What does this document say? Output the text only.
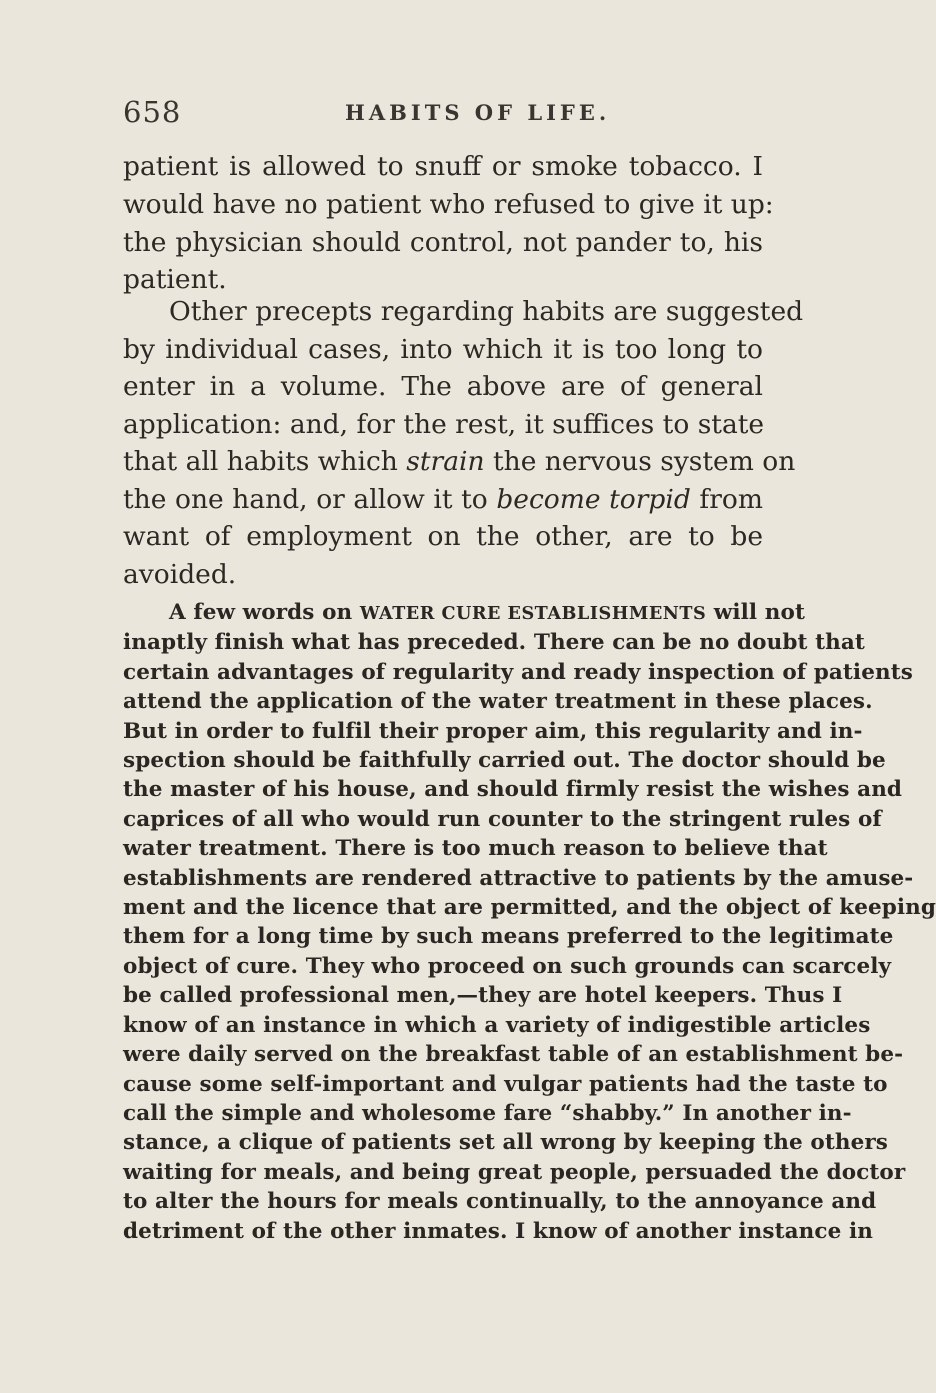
658	HABITS OF LIFE.
patient is allowed to snuff or smoke tobacco. I
would have no patient who refused to give it up:
the physician should control, not pander to, his
patient.
Other precepts regarding habits are suggested
by individual cases, into which it is too long to
enter in a volume. The above are of general
application: and, for the rest, it suffices to state
that all habits which strain the nervous system on
the one hand, or allow it to become torpid from
want of employment on the other, are to be
avoided.
A few words on WATER CURE ESTABLISHMENTS will not
inaptly finish what has preceded. There can be no doubt that
certain advantages of regularity and ready inspection of patients
attend the application of the water treatment in these places.
But in order to fulfil their proper aim, this regularity and in-
spection should be faithfully carried out. The doctor should be
the master of his house, and should firmly resist the wishes and
caprices of all who would run counter to the stringent rules of
water treatment. There is too much reason to believe that
establishments are rendered attractive to patients by the amuse-
ment and the licence that are permitted, and the object of keeping
them for a long time by such means preferred to the legitimate
object of cure. They who proceed on such grounds can scarcely
be called professional men,—they are hotel keepers. Thus I
know of an instance in which a variety of indigestible articles
were daily served on the breakfast table of an establishment be-
cause some self-important and vulgar patients had the taste to
call the simple and wholesome fare “shabby.” In another in-
stance, a clique of patients set all wrong by keeping the others
waiting for meals, and being great people, persuaded the doctor
to alter the hours for meals continually, to the annoyance and
detriment of the other inmates. I know of another instance in
